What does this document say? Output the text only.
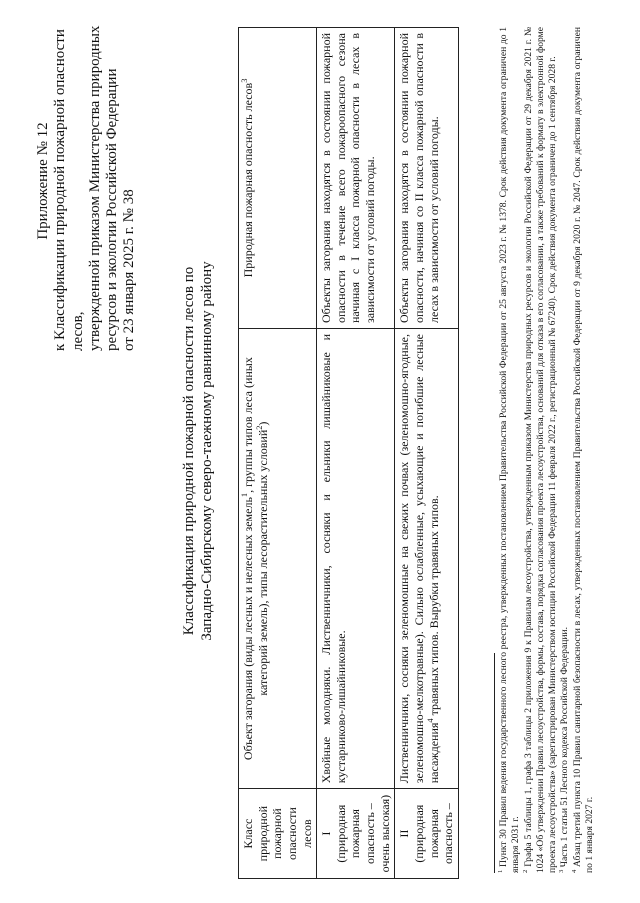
Приложение № 12 к Классификации природной пожарной опасности лесов, утвержденной приказом Министерства природных ресурсов и экологии Российской Федерации от 23 января 2025 г. № 38	Классификация природной пожарной опасности лесов по Западно-Сибирскому северо-таежному равнинному району
Класс природной пожарной опасности лесов	Объект загорания (виды лесных и нелесных земель$^1$, группы типов леса (иных категорий земель), типы лесорастительных условий$^2$)	Природная пожарная опасность лесов$^3$

I (природная пожарная опасность – очень высокая)	Хвойные молодняки. Лиственничники, сосняки и ельники лишайниковые и кустарниково-лишайниковые.	Объекты загорания находятся в состоянии пожарной опасности в течение всего пожароопасного сезона начиная с I класса пожарной опасности в лесах в зависимости от условий погоды.

II (природная пожарная опасность –	Лиственничники, сосняки зеленомошные на свежих почвах (зеленомошно-ягодные, зеленомошно-мелкотравные). Сильно ослабленные, усыхающие и погибшие лесные насаждения$^4$ травяных типов. Вырубки травяных типов.	Объекты загорания находятся в состоянии пожарной опасности, начиная со II класса пожарной опасности в лесах в зависимости от условий погоды.

$^1$ Пункт 30 Правил ведения государственного лесного реестра, утвержденных постановлением Правительства Российской Федерации от 25 августа 2023 г. № 1378. Срок действия документа ограничен до 1 января 2031 г. $^2$ Графа 5 таблицы 1, графа 3 таблицы 2 приложения 9 к Правилам лесоустройства, утвержденным приказом Министерства природных ресурсов и экологии Российской Федерации от 29 декабря 2021 г. № 1024 «Об утверждении Правил лесоустройства, формы, состава, порядка согласования проекта лесоустройства, оснований для отказа в его согласовании, а также требований к формату в электронной форме проекта лесоустройства» (зарегистрирован Министерством юстиции Российской Федерации 11 февраля 2022 г., регистрационный № 67240). Срок действия документа ограничен до 1 сентября 2028 г. $^3$ Часть 1 статьи 51 Лесного кодекса Российской Федерации.

$^4$ Абзац третий пункта 10 Правил санитарной безопасности в лесах, утвержденных постановлением Правительства Российской Федерации от 9 декабря 2020 г. № 2047. Срок действия документа ограничен по 1 января 2027 г.
